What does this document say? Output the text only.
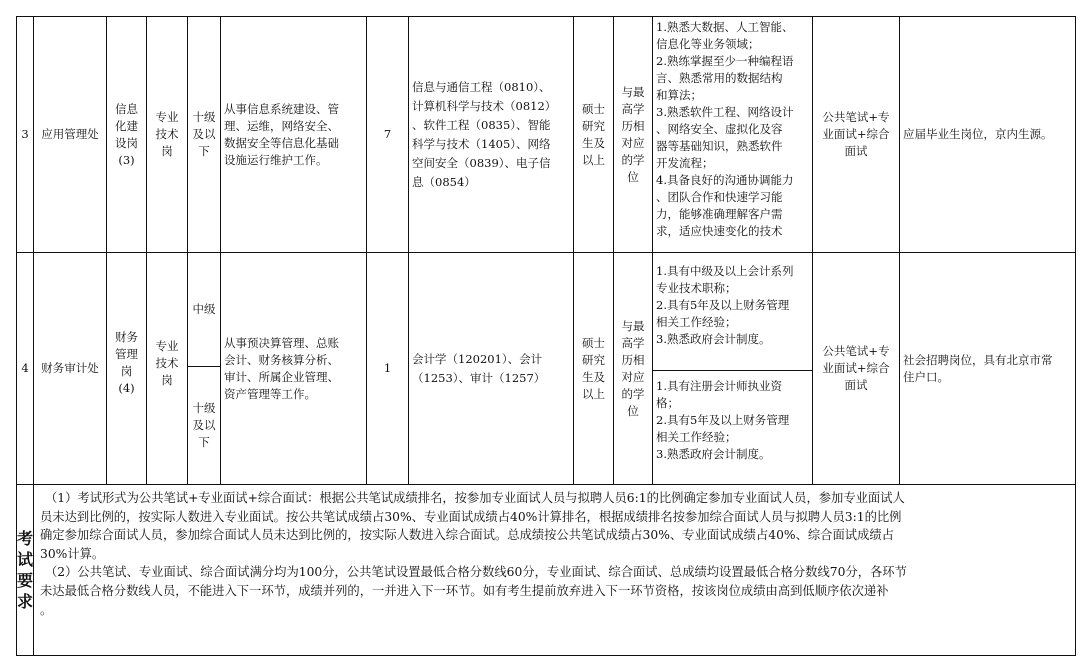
3 应用管理处
信息
化建
设岗
(3)
专业
技术
岗
十级
及以
下
从事信息系统建设、管
理、运维，网络安全、
数据安全等信息化基础
设施运行维护工作。
7
信息与通信工程（0810）、
计算机科学与技术（0812）
、软件工程（0835）、智能
科学与技术（1405）、网络
空间安全（0839）、电子信
息（0854）
硕士
研究
生及
以上
与最
高学
历相
对应
的学
位
1.熟悉大数据、人工智能、
信息化等业务领域；
2.熟练掌握至少一种编程语
言、熟悉常用的数据结构
和算法；
3.熟悉软件工程、网络设计
、网络安全、虚拟化及容
器等基础知识，熟悉软件
开发流程；
4.具备良好的沟通协调能力
、团队合作和快速学习能
力，能够准确理解客户需
求，适应快速变化的技术
公共笔试+专
业面试+综合
面试
应届毕业生岗位，京内生源。
4 财务审计处
财务
管理
岗
(4)
专业
技术
岗
中级
十级
及以
下
从事预决算管理、总账
会计、财务核算分析、
审计、所属企业管理、
资产管理等工作。
1
会计学（120201）、会计
（1253）、审计（1257）
硕士
研究
生及
以上
与最
高学
历相
对应
的学
位
1.具有中级及以上会计系列
专业技术职称；
2.具有5年及以上财务管理
相关工作经验；
3.熟悉政府会计制度。
1.具有注册会计师执业资
格；
2.具有5年及以上财务管理
相关工作经验；
3.熟悉政府会计制度。
公共笔试+专
业面试+综合
面试
社会招聘岗位，具有北京市常
住户口。
考
试
要
求
（1）考试形式为公共笔试+专业面试+综合面试：根据公共笔试成绩排名，按参加专业面试人员与拟聘人员6:1的比例确定参加专业面试人员，参加专业面试人
员未达到比例的，按实际人数进入专业面试。按公共笔试成绩占30%、专业面试成绩占40%计算排名，根据成绩排名按参加综合面试人员与拟聘人员3:1的比例
确定参加综合面试人员，参加综合面试人员未达到比例的，按实际人数进入综合面试。总成绩按公共笔试成绩占30%、专业面试成绩占40%、综合面试成绩占
30%计算。
（2）公共笔试、专业面试、综合面试满分均为100分，公共笔试设置最低合格分数线60分，专业面试、综合面试、总成绩均设置最低合格分数线70分，各环节
未达最低合格分数线人员，不能进入下一环节，成绩并列的，一并进入下一环节。如有考生提前放弃进入下一环节资格，按该岗位成绩由高到低顺序依次递补
。
